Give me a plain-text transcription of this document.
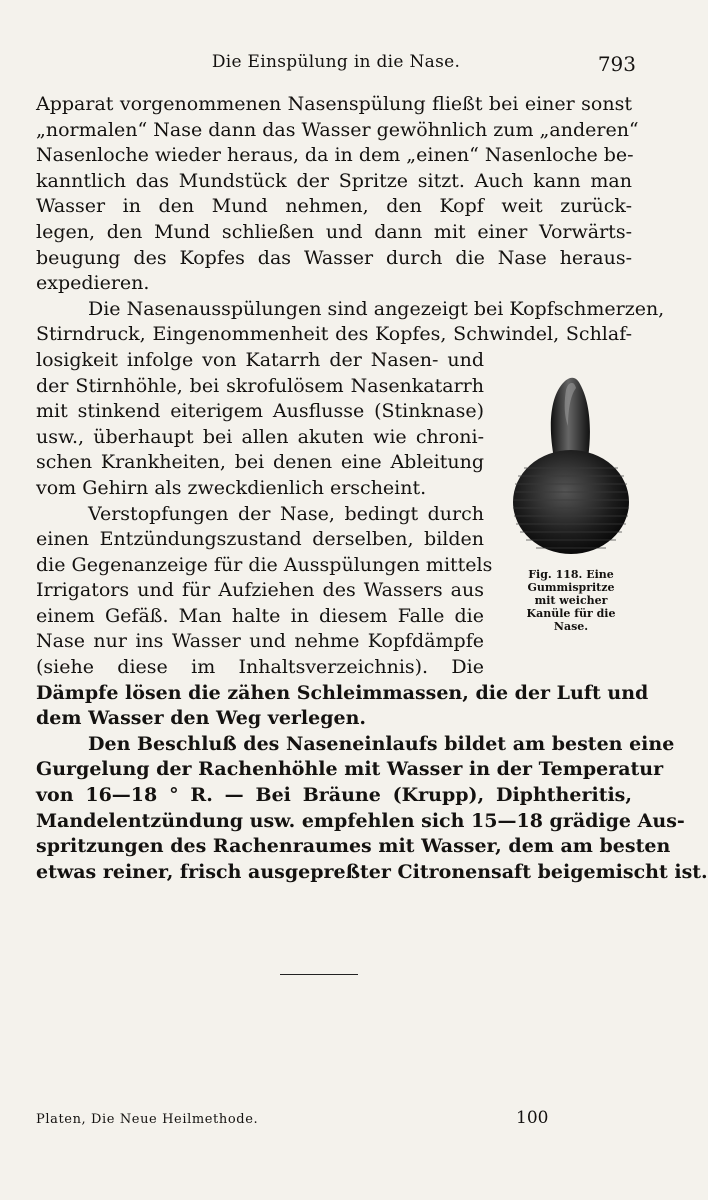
Die Einspülung in die Nase.	793
Apparat vorgenommenen Nasenspülung fließt bei einer sonst
„normalen“ Nase dann das Wasser gewöhnlich zum „anderen“
Nasenloche wieder heraus, da in dem „einen“ Nasenloche be-
kanntlich das Mundstück der Spritze sitzt. Auch kann man
Wasser in den Mund nehmen, den Kopf weit zurück-
legen, den Mund schließen und dann mit einer Vorwärts-
beugung des Kopfes das Wasser durch die Nase heraus-
expedieren.
Die Nasenausspülungen sind angezeigt bei Kopfschmerzen,
Stirndruck, Eingenommenheit des Kopfes, Schwindel, Schlaf-
losigkeit infolge von Katarrh der Nasen- und
der Stirnhöhle, bei skrofulösem Nasenkatarrh
mit stinkend eiterigem Ausflusse (Stinknase)
usw., überhaupt bei allen akuten wie chroni-
schen Krankheiten, bei denen eine Ableitung
vom Gehirn als zweckdienlich erscheint.
Verstopfungen der Nase, bedingt durch
einen Entzündungszustand derselben, bilden
die Gegenanzeige für die Ausspülungen mittels
Irrigators und für Aufziehen des Wassers aus
einem Gefäß. Man halte in diesem Falle die
Nase nur ins Wasser und nehme Kopfdämpfe
(siehe diese im Inhaltsverzeichnis). Die
Dämpfe lösen die zähen Schleimmassen, die der Luft und
dem Wasser den Weg verlegen.
Den Beschluß des Naseneinlaufs bildet am besten eine
Gurgelung der Rachenhöhle mit Wasser in der Temperatur
von 16—18 ° R. — Bei Bräune (Krupp), Diphtheritis,
Mandelentzündung usw. empfehlen sich 15—18 grädige Aus-
spritzungen des Rachenraumes mit Wasser, dem am besten
etwas reiner, frisch ausgepreßter Citronensaft beigemischt ist.
Fig. 118. Eine
Gummispritze
mit weicher
Kanüle für die
Nase.
Platen, Die Neue Heilmethode.	100
